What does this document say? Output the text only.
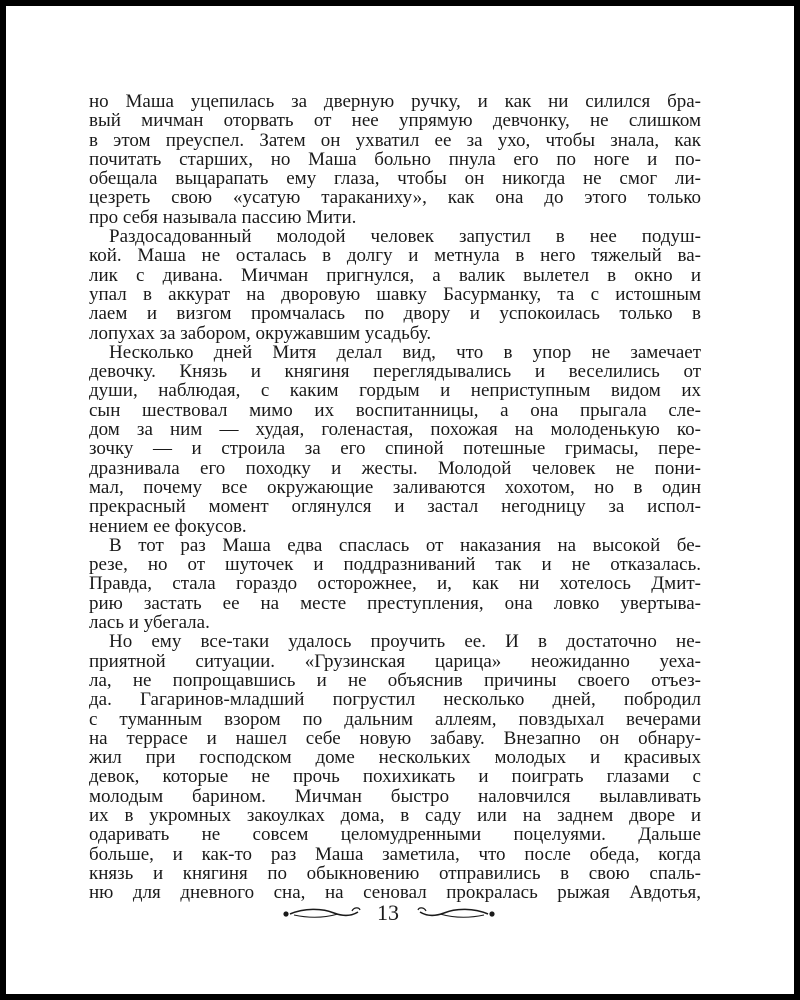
но Маша уцепилась за дверную ручку, и как ни силился бра-
вый мичман оторвать от нее упрямую девчонку, не слишком
в этом преуспел. Затем он ухватил ее за ухо, чтобы знала, как
почитать старших, но Маша больно пнула его по ноге и по-
обещала выцарапать ему глаза, чтобы он никогда не смог ли-
цезреть свою «усатую тараканиху», как она до этого только
про себя называла пассию Мити.
Раздосадованный молодой человек запустил в нее подуш-
кой. Маша не осталась в долгу и метнула в него тяжелый ва-
лик с дивана. Мичман пригнулся, а валик вылетел в окно и
упал в аккурат на дворовую шавку Басурманку, та с истошным
лаем и визгом промчалась по двору и успокоилась только в
лопухах за забором, окружавшим усадьбу.
Несколько дней Митя делал вид, что в упор не замечает
девочку. Князь и княгиня переглядывались и веселились от
души, наблюдая, с каким гордым и неприступным видом их
сын шествовал мимо их воспитанницы, а она прыгала сле-
дом за ним — худая, голенастая, похожая на молоденькую ко-
зочку — и строила за его спиной потешные гримасы, пере-
дразнивала его походку и жесты. Молодой человек не пони-
мал, почему все окружающие заливаются хохотом, но в один
прекрасный момент оглянулся и застал негодницу за испол-
нением ее фокусов.
В тот раз Маша едва спаслась от наказания на высокой бе-
резе, но от шуточек и поддразниваний так и не отказалась.
Правда, стала гораздо осторожнее, и, как ни хотелось Дмит-
рию застать ее на месте преступления, она ловко увертыва-
лась и убегала.
Но ему все-таки удалось проучить ее. И в достаточно не-
приятной ситуации. «Грузинская царица» неожиданно уеха-
ла, не попрощавшись и не объяснив причины своего отъез-
да. Гагаринов-младший погрустил несколько дней, побродил
с туманным взором по дальним аллеям, повздыхал вечерами
на террасе и нашел себе новую забаву. Внезапно он обнару-
жил при господском доме нескольких молодых и красивых
девок, которые не прочь похихикать и поиграть глазами с
молодым барином. Мичман быстро наловчился вылавливать
их в укромных закоулках дома, в саду или на заднем дворе и
одаривать не совсем целомудренными поцелуями. Дальше
больше, и как-то раз Маша заметила, что после обеда, когда
князь и княгиня по обыкновению отправились в свою спаль-
ню для дневного сна, на сеновал прокралась рыжая Авдотья,
13
